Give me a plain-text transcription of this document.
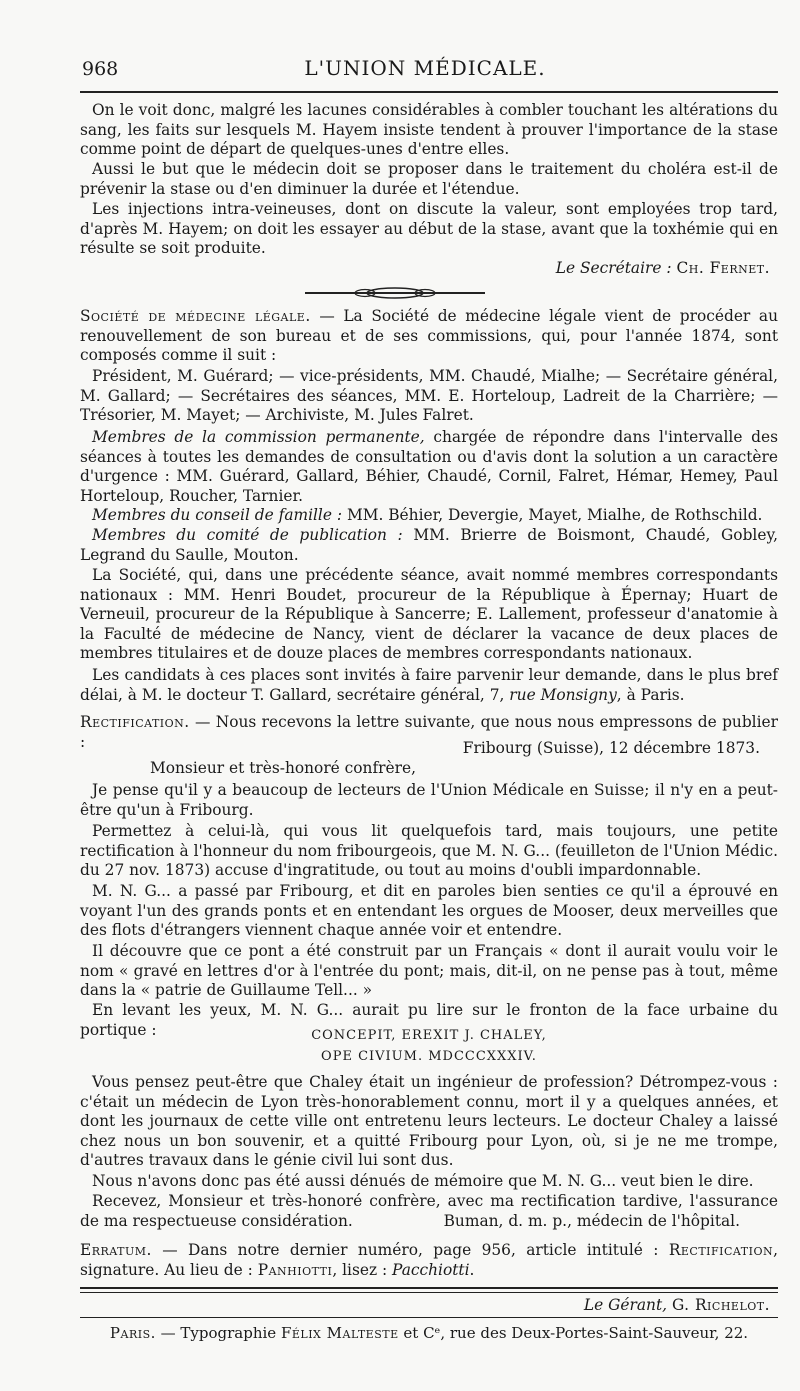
968	L'UNION MÉDICALE.
On le voit donc, malgré les lacunes considérables à combler touchant les altérations du sang, les faits sur lesquels M. Hayem insiste tendent à prouver l'importance de la stase comme point de départ de quelques-unes d'entre elles.
Aussi le but que le médecin doit se proposer dans le traitement du choléra est-il de prévenir la stase ou d'en diminuer la durée et l'étendue.
Les injections intra-veineuses, dont on discute la valeur, sont employées trop tard, d'après M. Hayem; on doit les essayer au début de la stase, avant que la toxhémie qui en résulte se soit produite.
Le Secrétaire : Ch. Fernet.
Société de médecine légale. — La Société de médecine légale vient de procéder au renouvellement de son bureau et de ses commissions, qui, pour l'année 1874, sont composés comme il suit :
Président, M. Guérard; — vice-présidents, MM. Chaudé, Mialhe; — Secrétaire général, M. Gallard; — Secrétaires des séances, MM. E. Horteloup, Ladreit de la Charrière; — Trésorier, M. Mayet; — Archiviste, M. Jules Falret.
Membres de la commission permanente, chargée de répondre dans l'intervalle des séances à toutes les demandes de consultation ou d'avis dont la solution a un caractère d'urgence : MM. Guérard, Gallard, Béhier, Chaudé, Cornil, Falret, Hémar, Hemey, Paul Horteloup, Roucher, Tarnier.
Membres du conseil de famille : MM. Béhier, Devergie, Mayet, Mialhe, de Rothschild.
Membres du comité de publication : MM. Brierre de Boismont, Chaudé, Gobley, Legrand du Saulle, Mouton.
La Société, qui, dans une précédente séance, avait nommé membres correspondants nationaux : MM. Henri Boudet, procureur de la République à Épernay; Huart de Verneuil, procureur de la République à Sancerre; E. Lallement, professeur d'anatomie à la Faculté de médecine de Nancy, vient de déclarer la vacance de deux places de membres titulaires et de douze places de membres correspondants nationaux.
Les candidats à ces places sont invités à faire parvenir leur demande, dans le plus bref délai, à M. le docteur T. Gallard, secrétaire général, 7, rue Monsigny, à Paris.
Rectification. — Nous recevons la lettre suivante, que nous nous empressons de publier :	Fribourg (Suisse), 12 décembre 1873.
Monsieur et très-honoré confrère,
Je pense qu'il y a beaucoup de lecteurs de l'Union Médicale en Suisse; il n'y en a peut-être qu'un à Fribourg.
Permettez à celui-là, qui vous lit quelquefois tard, mais toujours, une petite rectification à l'honneur du nom fribourgeois, que M. N. G... (feuilleton de l'Union Médic. du 27 nov. 1873) accuse d'ingratitude, ou tout au moins d'oubli impardonnable.
M. N. G... a passé par Fribourg, et dit en paroles bien senties ce qu'il a éprouvé en voyant l'un des grands ponts et en entendant les orgues de Mooser, deux merveilles que des flots d'étrangers viennent chaque année voir et entendre.
Il découvre que ce pont a été construit par un Français « dont il aurait voulu voir le nom « gravé en lettres d'or à l'entrée du pont; mais, dit-il, on ne pense pas à tout, même dans la « patrie de Guillaume Tell... »
En levant les yeux, M. N. G... aurait pu lire sur le fronton de la face urbaine du portique :	CONCEPIT, EREXIT J. CHALEY,
OPE CIVIUM. MDCCCXXXIV.
Vous pensez peut-être que Chaley était un ingénieur de profession? Détrompez-vous : c'était un médecin de Lyon très-honorablement connu, mort il y a quelques années, et dont les journaux de cette ville ont entretenu leurs lecteurs. Le docteur Chaley a laissé chez nous un bon souvenir, et a quitté Fribourg pour Lyon, où, si je ne me trompe, d'autres travaux dans le génie civil lui sont dus.
Nous n'avons donc pas été aussi dénués de mémoire que M. N. G... veut bien le dire.
Recevez, Monsieur et très-honoré confrère, avec ma rectification tardive, l'assurance de ma respectueuse considération.	Buman, d. m. p., médecin de l'hôpital.
Erratum. — Dans notre dernier numéro, page 956, article intitulé : Rectification, signature. Au lieu de : Panhiotti, lisez : Pacchiotti.
Le Gérant, G. Richelot.
Paris. — Typographie Félix Malteste et Cᵉ, rue des Deux-Portes-Saint-Sauveur, 22.
